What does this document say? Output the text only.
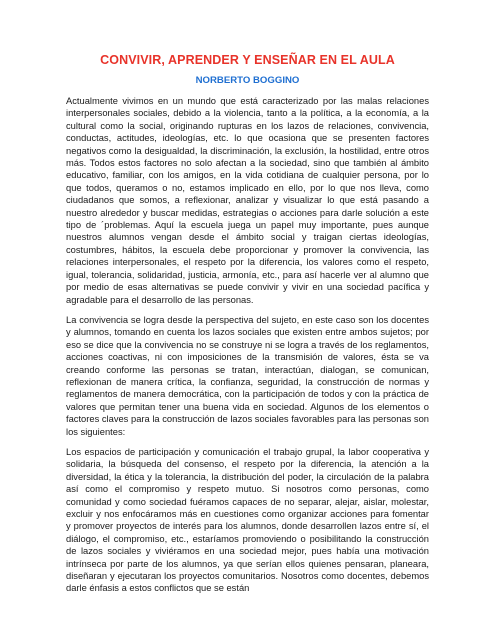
CONVIVIR, APRENDER Y ENSEÑAR EN EL AULA
NORBERTO BOGGINO

Actualmente vivimos en un mundo que está caracterizado por las malas relaciones interpersonales sociales, debido a la violencia, tanto a la política, a la economía, a la cultural como la social, originando rupturas en los lazos de relaciones, convivencia, conductas, actitudes, ideologías, etc. lo que ocasiona que se presenten factores negativos como la desigualdad, la discriminación, la exclusión, la hostilidad, entre otros más. Todos estos factores no solo afectan a la sociedad, sino que también al ámbito educativo, familiar, con los amigos, en la vida cotidiana de cualquier persona, por lo que todos, queramos o no, estamos implicado en ello, por lo que nos lleva, como ciudadanos que somos, a reflexionar, analizar y visualizar lo que está pasando a nuestro alrededor y buscar medidas, estrategias o acciones para darle solución a este tipo de ´problemas. Aquí la escuela juega un papel muy importante, pues aunque nuestros alumnos vengan desde el ámbito social y traigan ciertas ideologías, costumbres, hábitos, la escuela debe proporcionar y promover la convivencia, las relaciones interpersonales, el respeto por la diferencia, los valores como el respeto, igual, tolerancia, solidaridad, justicia, armonía, etc., para así hacerle ver al alumno que por medio de esas alternativas se puede convivir y vivir en una sociedad pacífica y agradable para el desarrollo de las personas.

La convivencia se logra desde la perspectiva del sujeto, en este caso son los docentes y alumnos, tomando en cuenta los lazos sociales que existen entre ambos sujetos; por eso se dice que la convivencia no se construye ni se logra a través de los reglamentos, acciones coactivas, ni con imposiciones de la transmisión de valores, ésta se va creando conforme las personas se tratan, interactúan, dialogan, se comunican, reflexionan de manera crítica, la confianza, seguridad, la construcción de normas y reglamentos de manera democrática, con la participación de todos y con la práctica de valores que permitan tener una buena vida en sociedad. Algunos de los elementos o factores claves para la construcción de lazos sociales favorables para las personas son los siguientes:

Los espacios de participación y comunicación el trabajo grupal, la labor cooperativa y solidaria, la búsqueda del consenso, el respeto por la diferencia, la atención a la diversidad, la ética y la tolerancia, la distribución del poder, la circulación de la palabra así como el compromiso y respeto mutuo. Si nosotros como personas, como comunidad y como sociedad fuéramos capaces de no separar, alejar, aislar, molestar, excluir y nos enfocáramos más en cuestiones como organizar acciones para fomentar y promover proyectos de interés para los alumnos, donde desarrollen lazos entre sí, el diálogo, el compromiso, etc., estaríamos promoviendo o posibilitando la construcción de lazos sociales y viviéramos en una sociedad mejor, pues había una motivación intrínseca por parte de los alumnos, ya que serían ellos quienes pensaran, planeara, diseñaran y ejecutaran los proyectos comunitarios. Nosotros como docentes, debemos darle énfasis a estos conflictos que se están
